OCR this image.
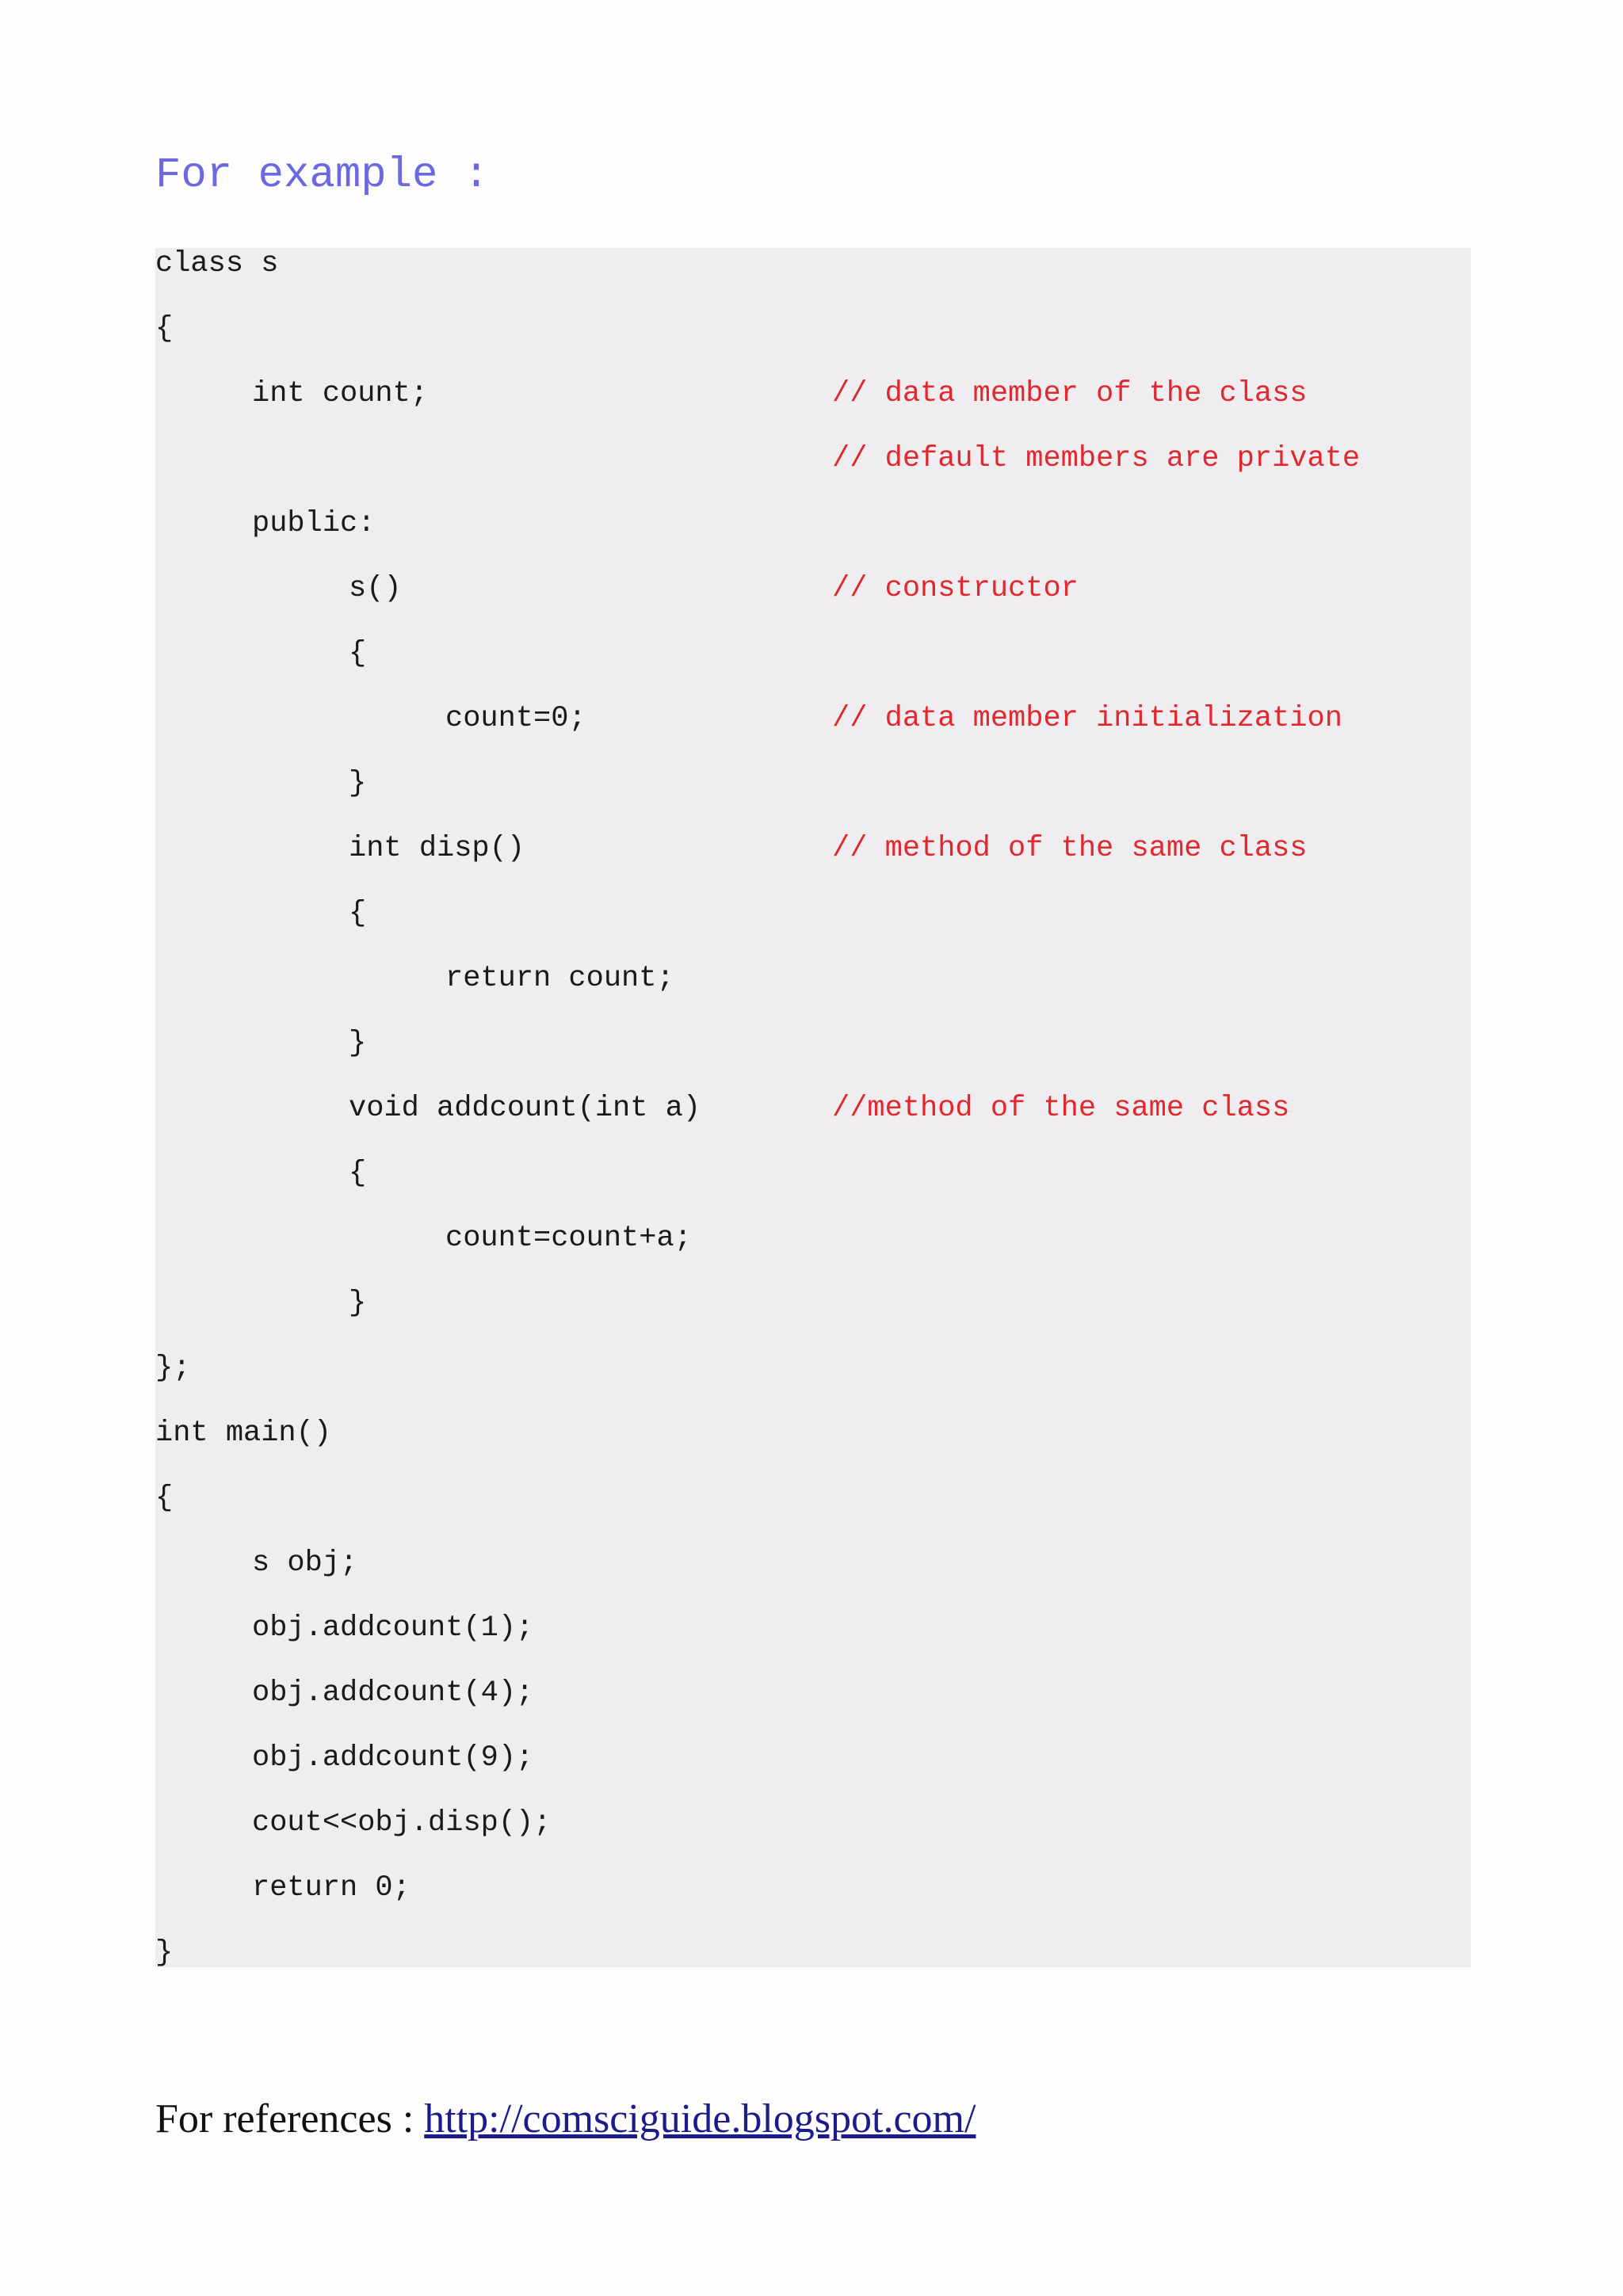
For example :

class s

{

int count;

	// data member of the class

// default members are private

public:

s()

	// constructor

{

count=0;

	// data member initialization

}

int disp()

	// method of the same class

{

return count;

}

void addcount(int a)

	//method of the same class

{

count=count+a;

}

};

int main()

{

s obj;

obj.addcount(1);

obj.addcount(4);

obj.addcount(9);

cout<<obj.disp();

return 0;

}

For references : http://comsciguide.blogspot.com/
